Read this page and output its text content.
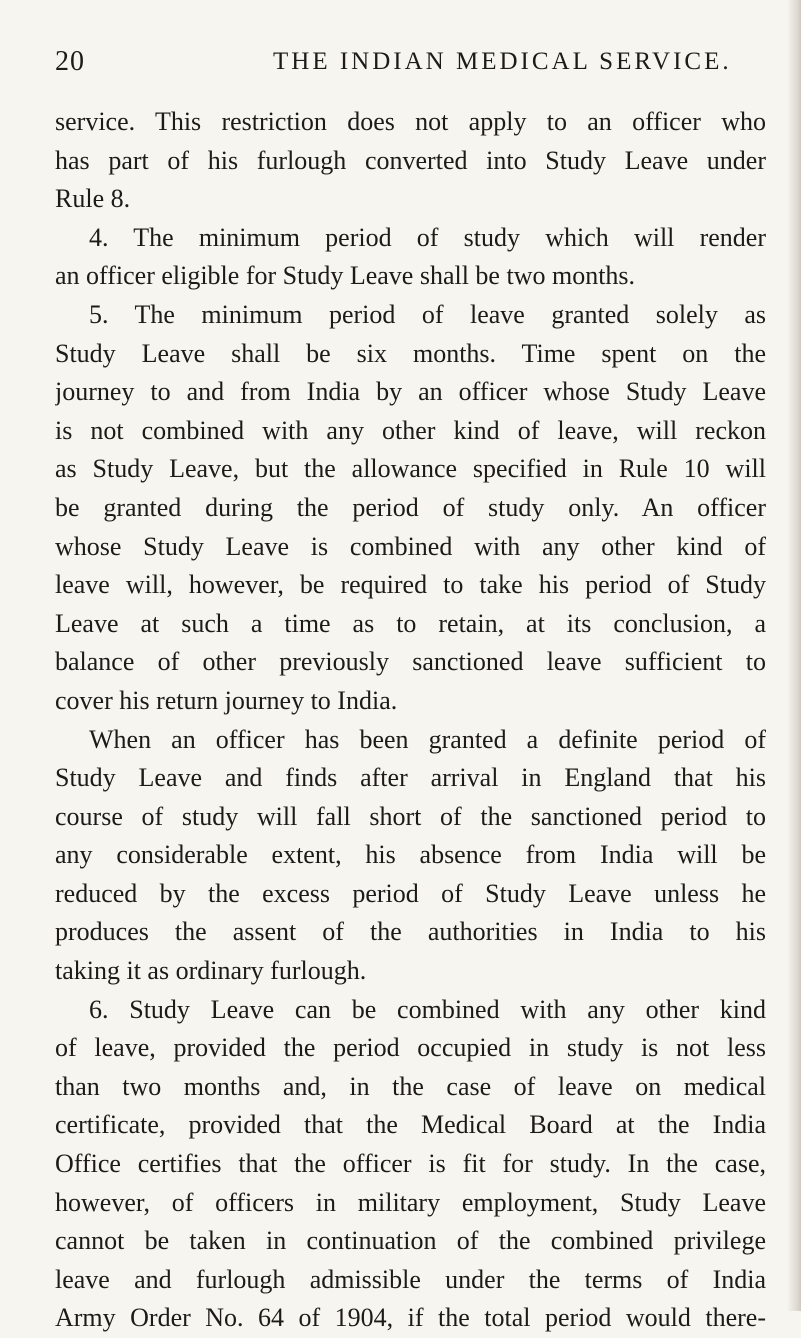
20	THE INDIAN MEDICAL SERVICE.
service. This restriction does not apply to an officer who
has part of his furlough converted into Study Leave under
Rule 8.
4. The minimum period of study which will render
an officer eligible for Study Leave shall be two months.
5. The minimum period of leave granted solely as
Study Leave shall be six months. Time spent on the
journey to and from India by an officer whose Study Leave
is not combined with any other kind of leave, will reckon
as Study Leave, but the allowance specified in Rule 10 will
be granted during the period of study only. An officer
whose Study Leave is combined with any other kind of
leave will, however, be required to take his period of Study
Leave at such a time as to retain, at its conclusion, a
balance of other previously sanctioned leave sufficient to
cover his return journey to India.
When an officer has been granted a definite period of
Study Leave and finds after arrival in England that his
course of study will fall short of the sanctioned period to
any considerable extent, his absence from India will be
reduced by the excess period of Study Leave unless he
produces the assent of the authorities in India to his
taking it as ordinary furlough.
6. Study Leave can be combined with any other kind
of leave, provided the period occupied in study is not less
than two months and, in the case of leave on medical
certificate, provided that the Medical Board at the India
Office certifies that the officer is fit for study. In the case,
however, of officers in military employment, Study Leave
cannot be taken in continuation of the combined privilege
leave and furlough admissible under the terms of India
Army Order No. 64 of 1904, if the total period would there-
